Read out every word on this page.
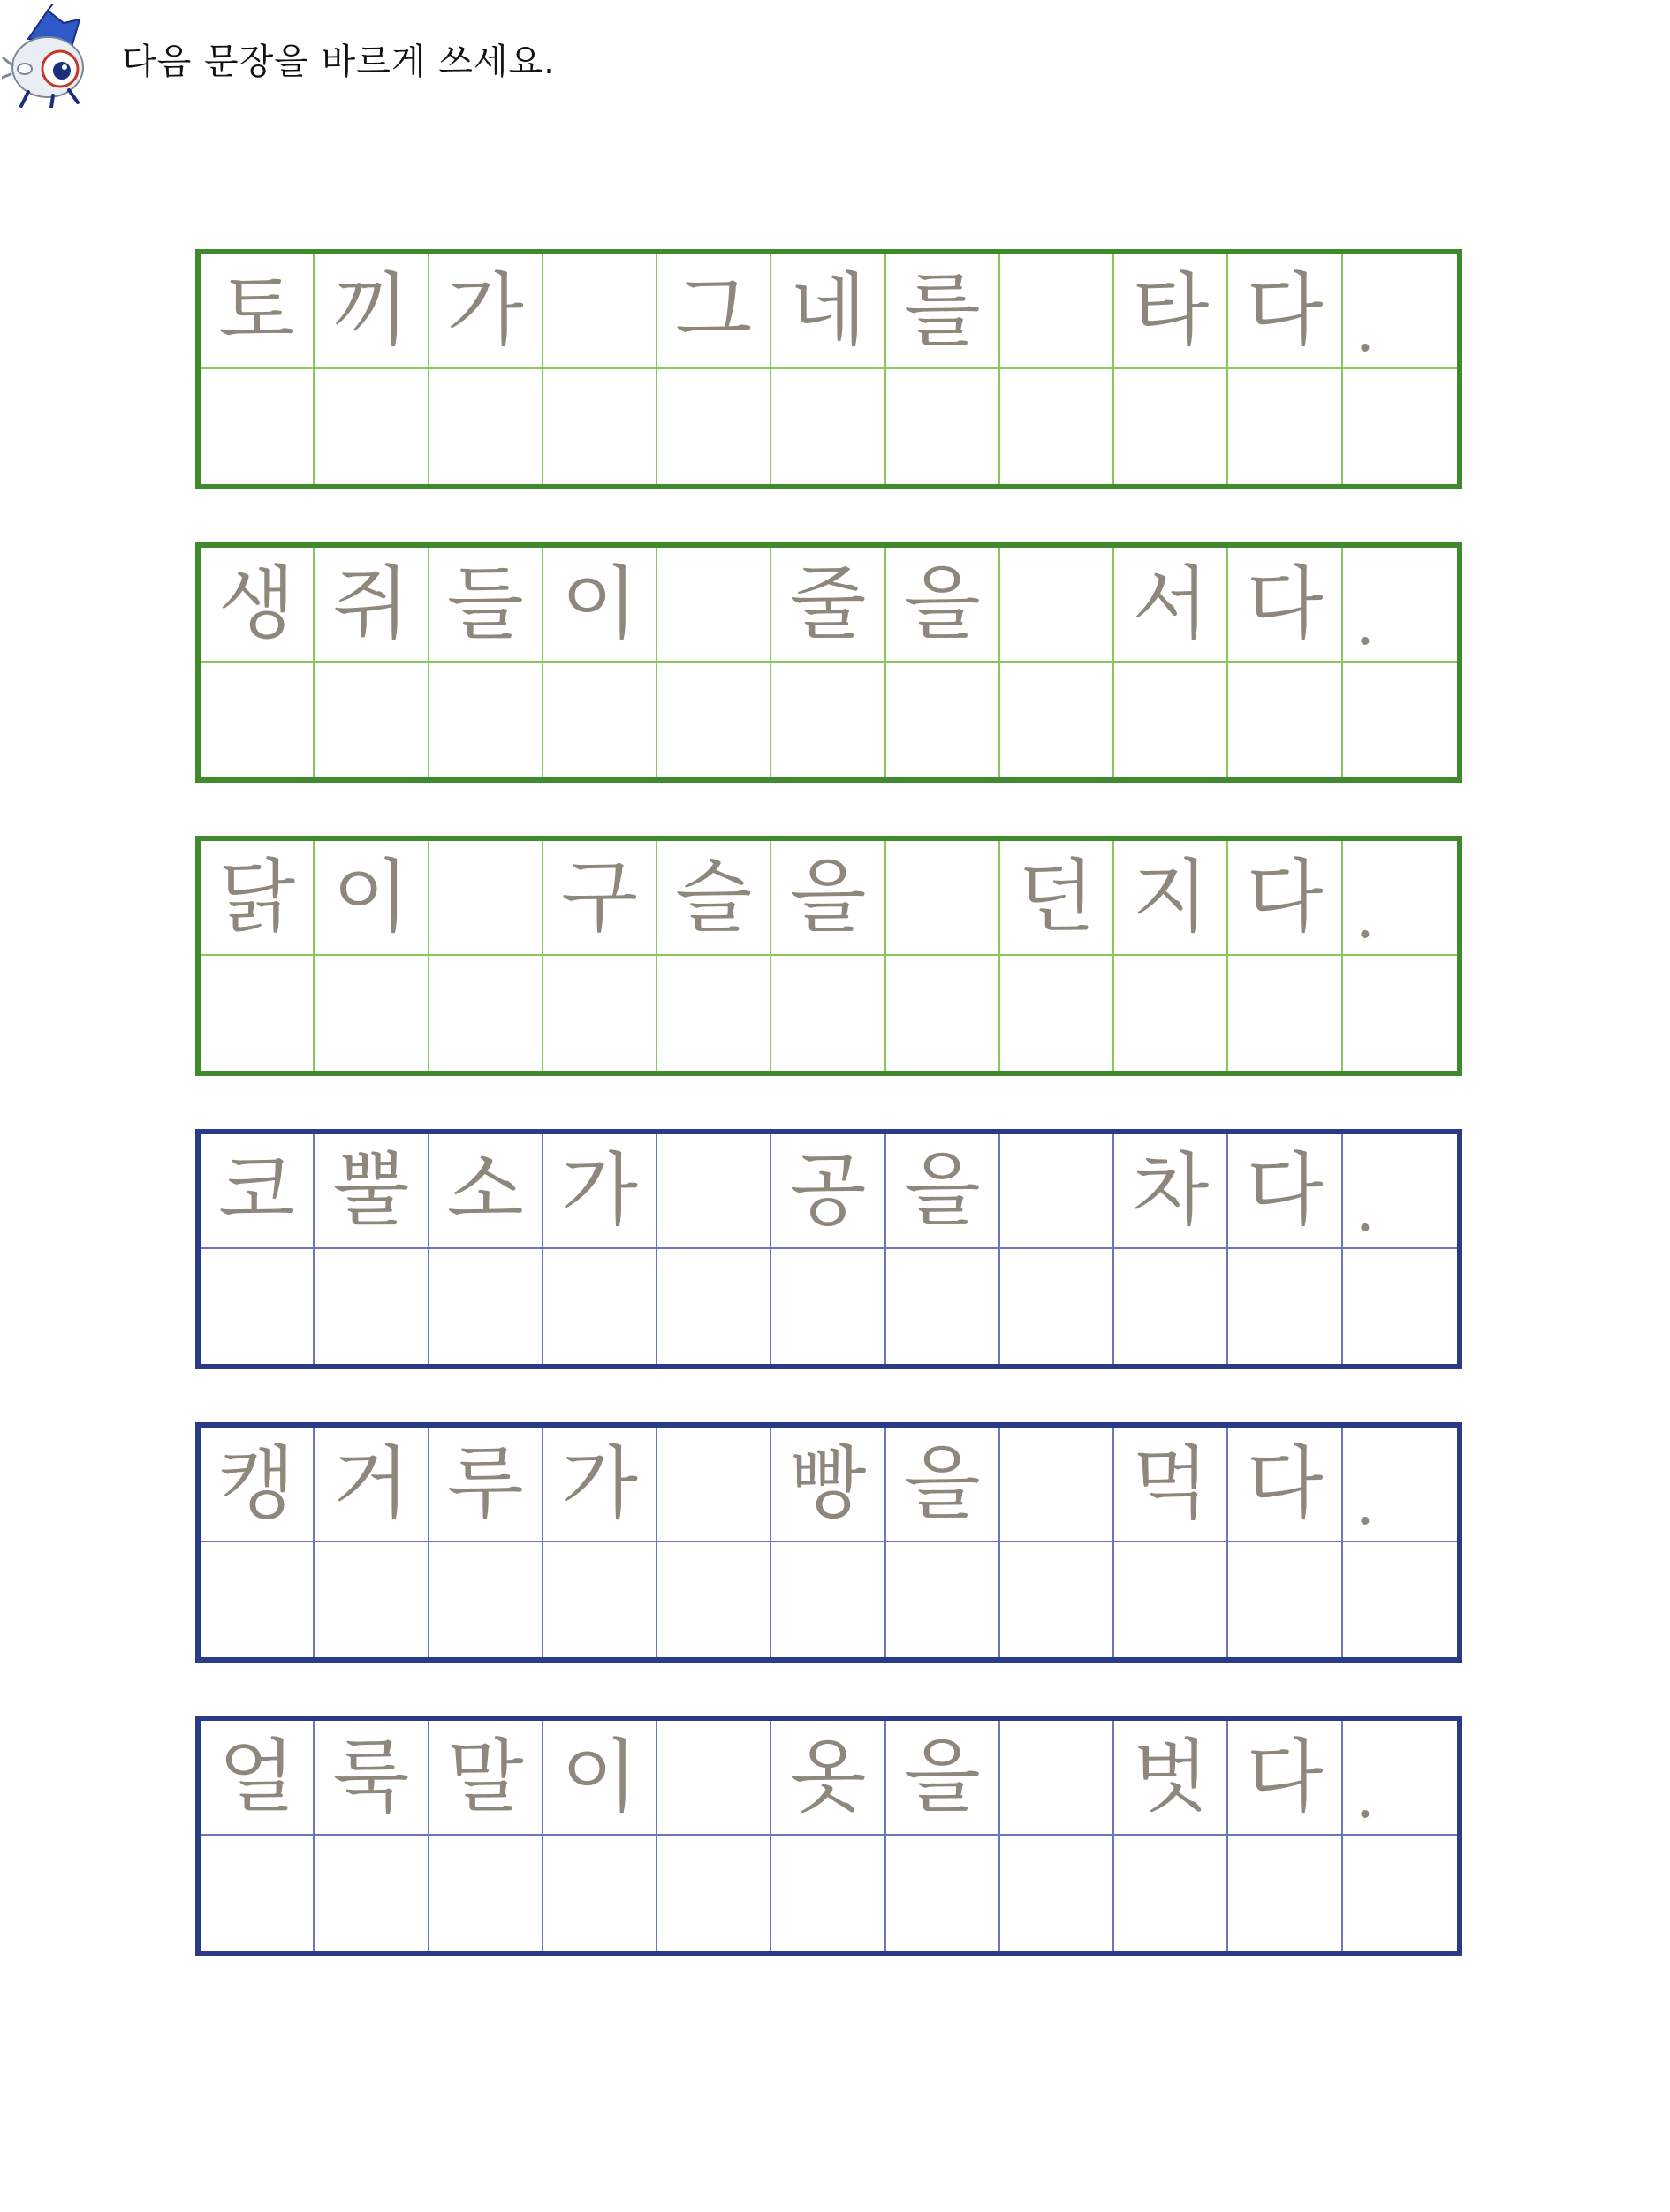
다음 문장을 바르게 쓰세요.
토 끼 가 그 네 를 타 다 .
생 쥐 들 이 줄 을 서 다 .
닭 이 구 슬 을 던 지 다 .
코 뿔 소 가 공 을 차 다 .
캥 거 루 가 빵 을 먹 다 .
얼 룩 말 이 옷 을 벗 다 .
